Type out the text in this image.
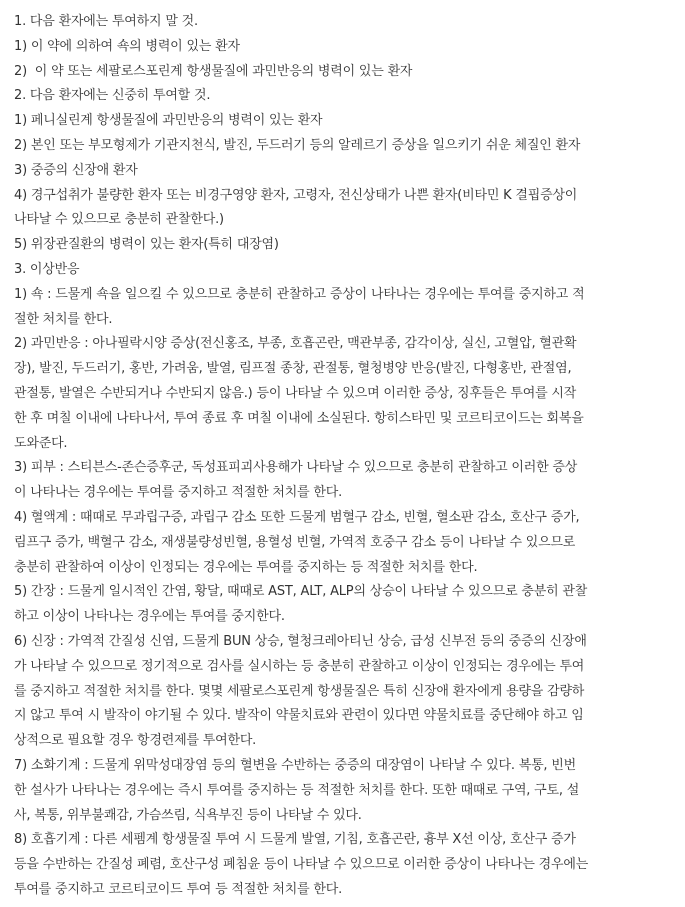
1. 다음 환자에는 투여하지 말 것.
1) 이 약에 의하여 쇽의 병력이 있는 환자
2)  이 약 또는 세팔로스포린계 항생물질에 과민반응의 병력이 있는 환자
2. 다음 환자에는 신중히 투여할 것.
1) 페니실린계 항생물질에 과민반응의 병력이 있는 환자
2) 본인 또는 부모형제가 기관지천식, 발진, 두드러기 등의 알레르기 증상을 일으키기 쉬운 체질인 환자
3) 중증의 신장애 환자
4) 경구섭취가 불량한 환자 또는 비경구영양 환자, 고령자, 전신상태가 나쁜 환자(비타민 K 결핍증상이
나타날 수 있으므로 충분히 관찰한다.)
5) 위장관질환의 병력이 있는 환자(특히 대장염)
3. 이상반응
1) 쇽 : 드물게 쇽을 일으킬 수 있으므로 충분히 관찰하고 증상이 나타나는 경우에는 투여를 중지하고 적
절한 처치를 한다.
2) 과민반응 : 아나필락시양 증상(전신홍조, 부종, 호흡곤란, 맥관부종, 감각이상, 실신, 고혈압, 혈관확
장), 발진, 두드러기, 홍반, 가려움, 발열, 림프절 종창, 관절통, 혈청병양 반응(발진, 다형홍반, 관절염,
관절통, 발열은 수반되거나 수반되지 않음.) 등이 나타날 수 있으며 이러한 증상, 징후들은 투여를 시작
한 후 며칠 이내에 나타나서, 투여 종료 후 며칠 이내에 소실된다. 항히스타민 및 코르티코이드는 회복을
도와준다.
3) 피부 : 스티븐스-존슨증후군, 독성표피괴사용해가 나타날 수 있으므로 충분히 관찰하고 이러한 증상
이 나타나는 경우에는 투여를 중지하고 적절한 처치를 한다.
4) 혈액계 : 때때로 무과립구증, 과립구 감소 또한 드물게 범혈구 감소, 빈혈, 혈소판 감소, 호산구 증가,
림프구 증가, 백혈구 감소, 재생불량성빈혈, 용혈성 빈혈, 가역적 호중구 감소 등이 나타날 수 있으므로
충분히 관찰하여 이상이 인정되는 경우에는 투여를 중지하는 등 적절한 처치를 한다.
5) 간장 : 드물게 일시적인 간염, 황달, 때때로 AST, ALT, ALP의 상승이 나타날 수 있으므로 충분히 관찰
하고 이상이 나타나는 경우에는 투여를 중지한다.
6) 신장 : 가역적 간질성 신염, 드물게 BUN 상승, 혈청크레아티닌 상승, 급성 신부전 등의 중증의 신장애
가 나타날 수 있으므로 정기적으로 검사를 실시하는 등 충분히 관찰하고 이상이 인정되는 경우에는 투여
를 중지하고 적절한 처치를 한다. 몇몇 세팔로스포린계 항생물질은 특히 신장애 환자에게 용량을 감량하
지 않고 투여 시 발작이 야기될 수 있다. 발작이 약물치료와 관련이 있다면 약물치료를 중단해야 하고 임
상적으로 필요할 경우 항경련제를 투여한다.
7) 소화기계 : 드물게 위막성대장염 등의 혈변을 수반하는 중증의 대장염이 나타날 수 있다. 복통, 빈번
한 설사가 나타나는 경우에는 즉시 투여를 중지하는 등 적절한 처치를 한다. 또한 때때로 구역, 구토, 설
사, 복통, 위부불쾌감, 가슴쓰림, 식욕부진 등이 나타날 수 있다.
8) 호흡기계 : 다른 세펨계 항생물질 투여 시 드물게 발열, 기침, 호흡곤란, 흉부 X선 이상, 호산구 증가
등을 수반하는 간질성 폐렴, 호산구성 폐침윤 등이 나타날 수 있으므로 이러한 증상이 나타나는 경우에는
투여를 중지하고 코르티코이드 투여 등 적절한 처치를 한다.
